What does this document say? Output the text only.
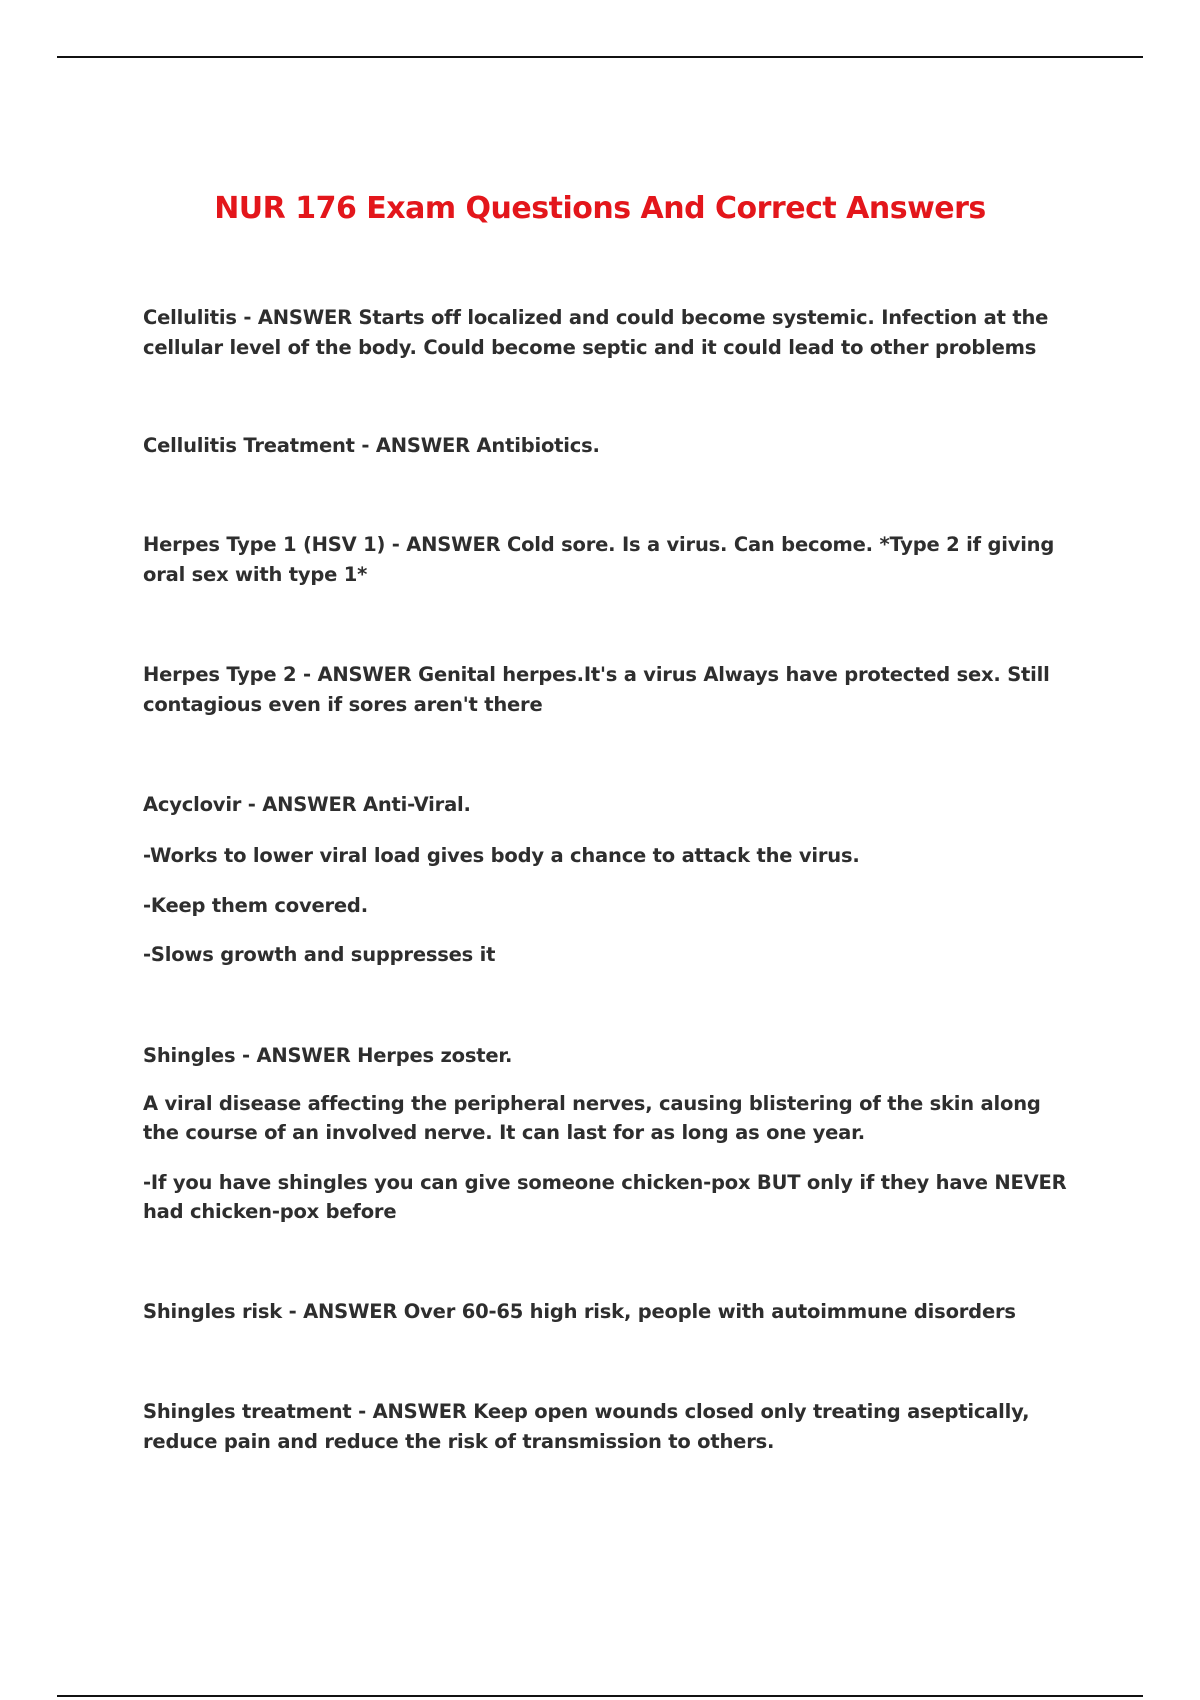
NUR 176 Exam Questions And Correct Answers

Cellulitis - ANSWER Starts off localized and could become systemic. Infection at the cellular level of the body. Could become septic and it could lead to other problems

Cellulitis Treatment - ANSWER Antibiotics.

Herpes Type 1 (HSV 1) - ANSWER Cold sore. Is a virus. Can become. *Type 2 if giving oral sex with type 1*

Herpes Type 2 - ANSWER Genital herpes.It's a virus Always have protected sex. Still contagious even if sores aren't there

Acyclovir - ANSWER Anti-Viral.

-Works to lower viral load gives body a chance to attack the virus.

-Keep them covered.

-Slows growth and suppresses it

Shingles - ANSWER Herpes zoster.

A viral disease affecting the peripheral nerves, causing blistering of the skin along the course of an involved nerve. It can last for as long as one year.

-If you have shingles you can give someone chicken-pox BUT only if they have NEVER had chicken-pox before

Shingles risk - ANSWER Over 60-65 high risk, people with autoimmune disorders

Shingles treatment - ANSWER Keep open wounds closed only treating aseptically, reduce pain and reduce the risk of transmission to others.
